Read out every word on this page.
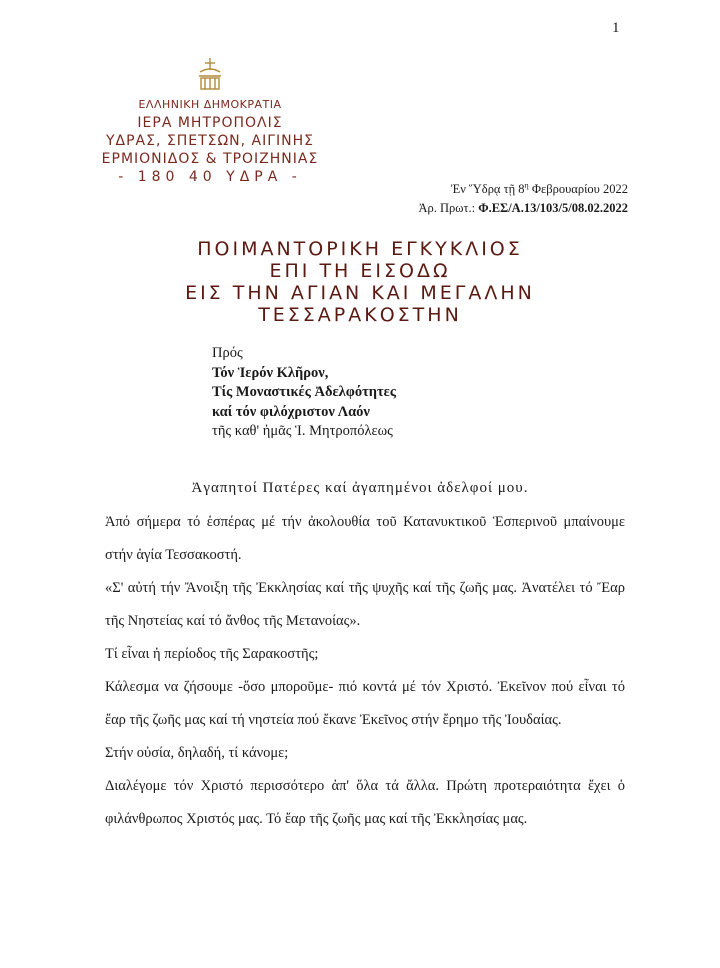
1
ΕΛΛΗΝΙΚΗ ΔΗΜΟΚΡΑΤΙΑ
ΙΕΡΑ ΜΗΤΡΟΠΟΛΙΣ
ΥΔΡΑΣ, ΣΠΕΤΣΩΝ, ΑΙΓΙΝΗΣ
ΕΡΜΙΟΝΙΔΟΣ & ΤΡΟΙΖΗΝΙΑΣ
- 180 40 ΥΔΡΑ -
Ἐν Ὕδρᾳ τῇ $8^\eta$ Φεβρουαρίου 2022
Ἀρ. Πρωτ.: Φ.ΕΣ/Α.13/103/5/08.02.2022
ΠΟΙΜΑΝΤΟΡΙΚΗ ΕΓΚΥΚΛΙΟΣ
ΕΠΙ ΤΗ ΕΙΣΟΔΩ
ΕΙΣ ΤΗΝ ΑΓΙΑΝ ΚΑΙ ΜΕΓΑΛΗΝ
ΤΕΣΣΑΡΑΚΟΣΤΗΝ
Πρός
Τόν Ἱερόν Κλῆρον,
Τίς Μοναστικές Ἀδελφότητες
καί τόν φιλόχριστον Λαόν
τῆς καθ' ἡμᾶς Ἱ. Μητροπόλεως
Ἀγαπητοί Πατέρες καί ἀγαπημένοι ἀδελφοί μου.

Ἀπό σήμερα τό ἑσπέρας μέ τήν ἀκολουθία τοῦ Κατανυκτικοῦ Ἑσπερινοῦ μπαίνουμε στήν ἁγία Τεσσακοστή.

«Σ' αὐτή τήν Ἄνοιξη τῆς Ἐκκλησίας καί τῆς ψυχῆς καί τῆς ζωῆς μας. Ἀνατέλει τό Ἔαρ τῆς Νηστείας καί τό ἄνθος τῆς Μετανοίας».

Τί εἶναι ἡ περίοδος τῆς Σαρακοστῆς;

Κάλεσμα να ζήσουμε -ὅσο μποροῦμε- πιό κοντά μέ τόν Χριστό. Ἐκεῖνον πού εἶναι τό ἔαρ τῆς ζωῆς μας καί τή νηστεία πού ἔκανε Ἐκεῖνος στήν ἔρημο τῆς Ἰουδαίας.

Στήν οὐσία, δηλαδή, τί κάνομε;

Διαλέγομε τόν Χριστό περισσότερο ἀπ' ὅλα τά ἄλλα. Πρώτη προτεραιότητα ἔχει ὁ φιλάνθρωπος Χριστός μας. Τό ἔαρ τῆς ζωῆς μας καί τῆς Ἐκκλησίας μας.
